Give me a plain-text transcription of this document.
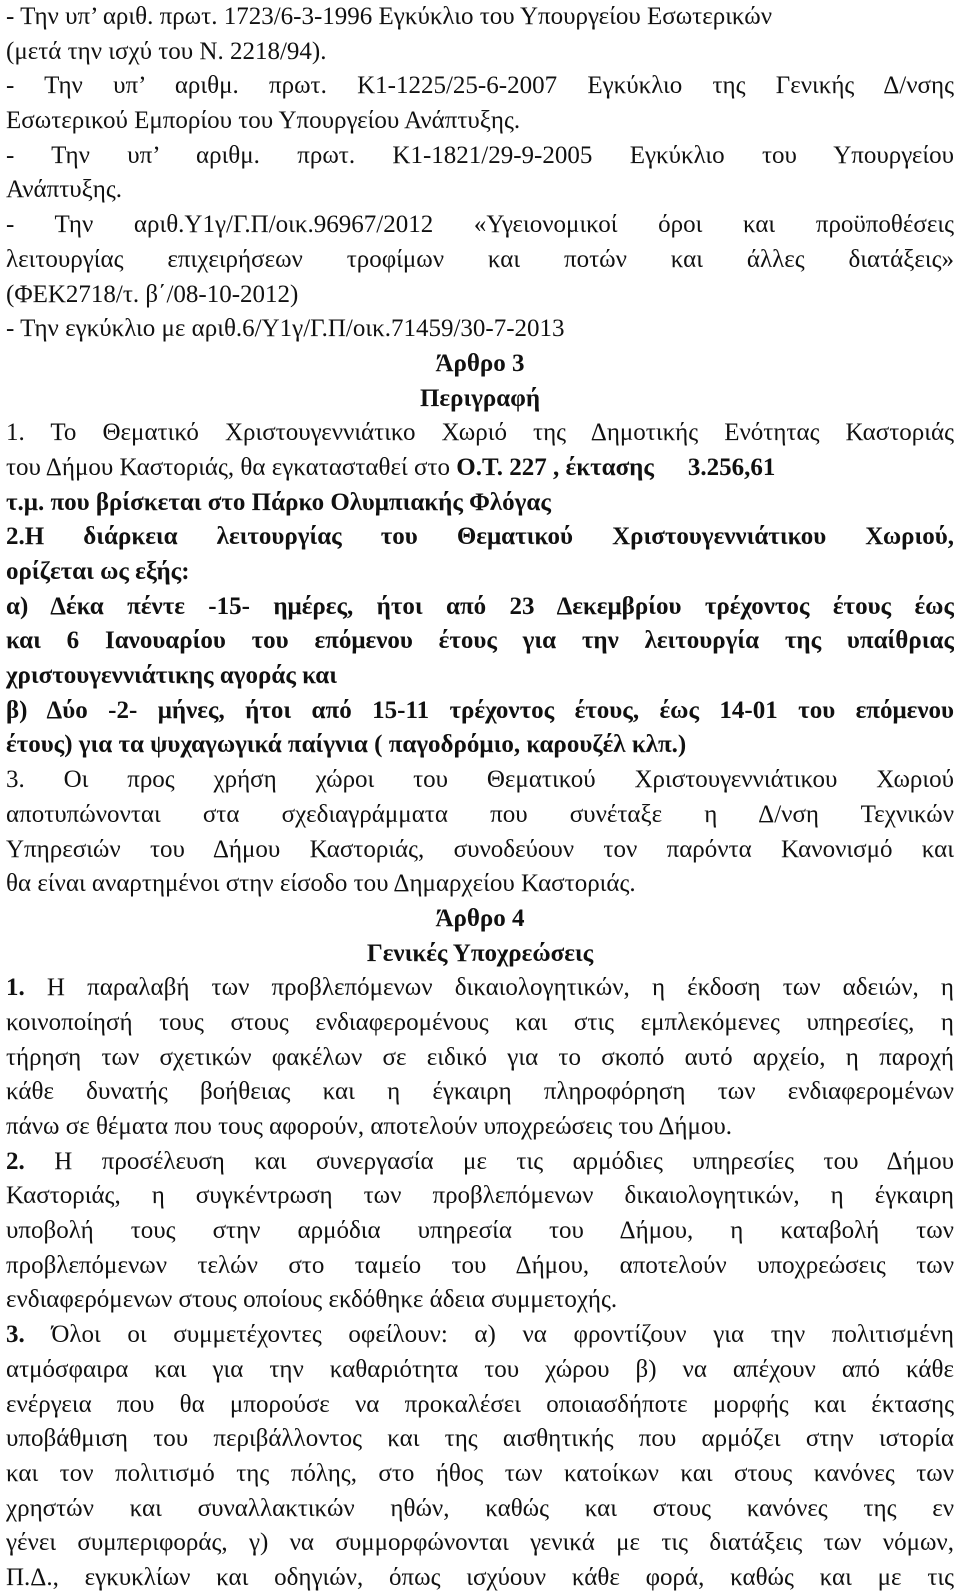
- Την υπ’ αριθ. πρωτ. 1723/6-3-1996 Εγκύκλιο του Υπουργείου Εσωτερικών
(μετά την ισχύ του Ν. 2218/94).
- Την υπ’ αριθμ. πρωτ. Κ1-1225/25-6-2007 Εγκύκλιο της Γενικής Δ/νσης
Εσωτερικού Εμπορίου του Υπουργείου Ανάπτυξης.
- Την υπ’ αριθμ. πρωτ. Κ1-1821/29-9-2005 Εγκύκλιο του Υπουργείου
Ανάπτυξης.
- Την αριθ.Υ1γ/Γ.Π/οικ.96967/2012 «Υγειονομικοί όροι και προϋποθέσεις
λειτουργίας επιχειρήσεων τροφίμων και ποτών και άλλες διατάξεις»
(ΦΕΚ2718/τ. β΄/08-10-2012)
- Την εγκύκλιο με αριθ.6/Υ1γ/Γ.Π/οικ.71459/30-7-2013
Άρθρο 3
Περιγραφή
1. Το Θεματικό Χριστουγεννιάτικο Χωριό της Δημοτικής Ενότητας Καστοριάς
του Δήμου Καστοριάς, θα εγκατασταθεί στο Ο.Τ. 227 , έκτασης 3.256,61
τ.μ. που βρίσκεται στο Πάρκο Ολυμπιακής Φλόγας
2.Η διάρκεια λειτουργίας του Θεματικού Χριστουγεννιάτικου Χωριού,
ορίζεται ως εξής:
α) Δέκα πέντε -15- ημέρες, ήτοι από 23 Δεκεμβρίου τρέχοντος έτους έως
και 6 Ιανουαρίου του επόμενου έτους για την λειτουργία της υπαίθριας
χριστουγεννιάτικης αγοράς και
β) Δύο -2- μήνες, ήτοι από 15-11 τρέχοντος έτους, έως 14-01 του επόμενου
έτους) για τα ψυχαγωγικά παίγνια ( παγοδρόμιο, καρουζέλ κλπ.)
3. Οι προς χρήση χώροι του Θεματικού Χριστουγεννιάτικου Χωριού
αποτυπώνονται στα σχεδιαγράμματα που συνέταξε η Δ/νση Τεχνικών
Υπηρεσιών του Δήμου Καστοριάς, συνοδεύουν τον παρόντα Κανονισμό και
θα είναι αναρτημένοι στην είσοδο του Δημαρχείου Καστοριάς.
Άρθρο 4
Γενικές Υποχρεώσεις
1. Η παραλαβή των προβλεπόμενων δικαιολογητικών, η έκδοση των αδειών, η
κοινοποίησή τους στους ενδιαφερομένους και στις εμπλεκόμενες υπηρεσίες, η
τήρηση των σχετικών φακέλων σε ειδικό για το σκοπό αυτό αρχείο, η παροχή
κάθε δυνατής βοήθειας και η έγκαιρη πληροφόρηση των ενδιαφερομένων
πάνω σε θέματα που τους αφορούν, αποτελούν υποχρεώσεις του Δήμου.
2. Η προσέλευση και συνεργασία με τις αρμόδιες υπηρεσίες του Δήμου
Καστοριάς, η συγκέντρωση των προβλεπόμενων δικαιολογητικών, η έγκαιρη
υποβολή τους στην αρμόδια υπηρεσία του Δήμου, η καταβολή των
προβλεπόμενων τελών στο ταμείο του Δήμου, αποτελούν υποχρεώσεις των
ενδιαφερόμενων στους οποίους εκδόθηκε άδεια συμμετοχής.
3. Όλοι οι συμμετέχοντες οφείλουν: α) να φροντίζουν για την πολιτισμένη
ατμόσφαιρα και για την καθαριότητα του χώρου β) να απέχουν από κάθε
ενέργεια που θα μπορούσε να προκαλέσει οποιασδήποτε μορφής και έκτασης
υποβάθμιση του περιβάλλοντος και της αισθητικής που αρμόζει στην ιστορία
και τον πολιτισμό της πόλης, στο ήθος των κατοίκων και στους κανόνες των
χρηστών και συναλλακτικών ηθών, καθώς και στους κανόνες της εν
γένει συμπεριφοράς, γ) να συμμορφώνονται γενικά με τις διατάξεις των νόμων,
Π.Δ., εγκυκλίων και οδηγιών, όπως ισχύουν κάθε φορά, καθώς και με τις
